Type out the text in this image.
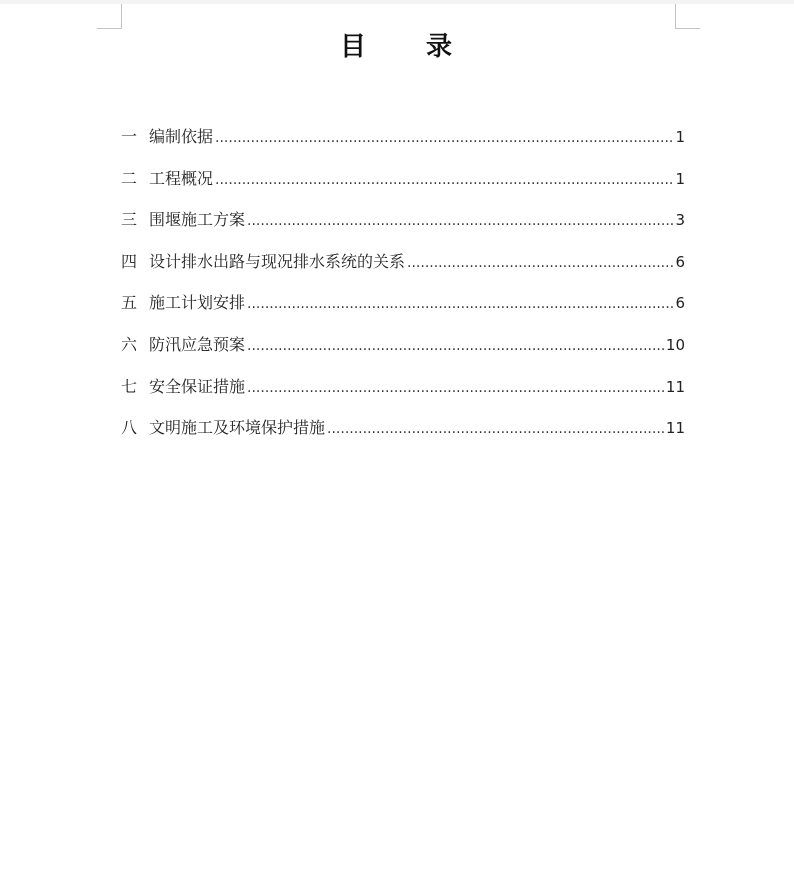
目 录
一 编制依据 .....	1
二 工程概况 .....	1
三 围堰施工方案 .....	3
四 设计排水出路与现况排水系统的关系 .....	6
五 施工计划安排 .....	6
六 防汛应急预案 .....	10
七 安全保证措施 .....	11
八 文明施工及环境保护措施 .....	11
